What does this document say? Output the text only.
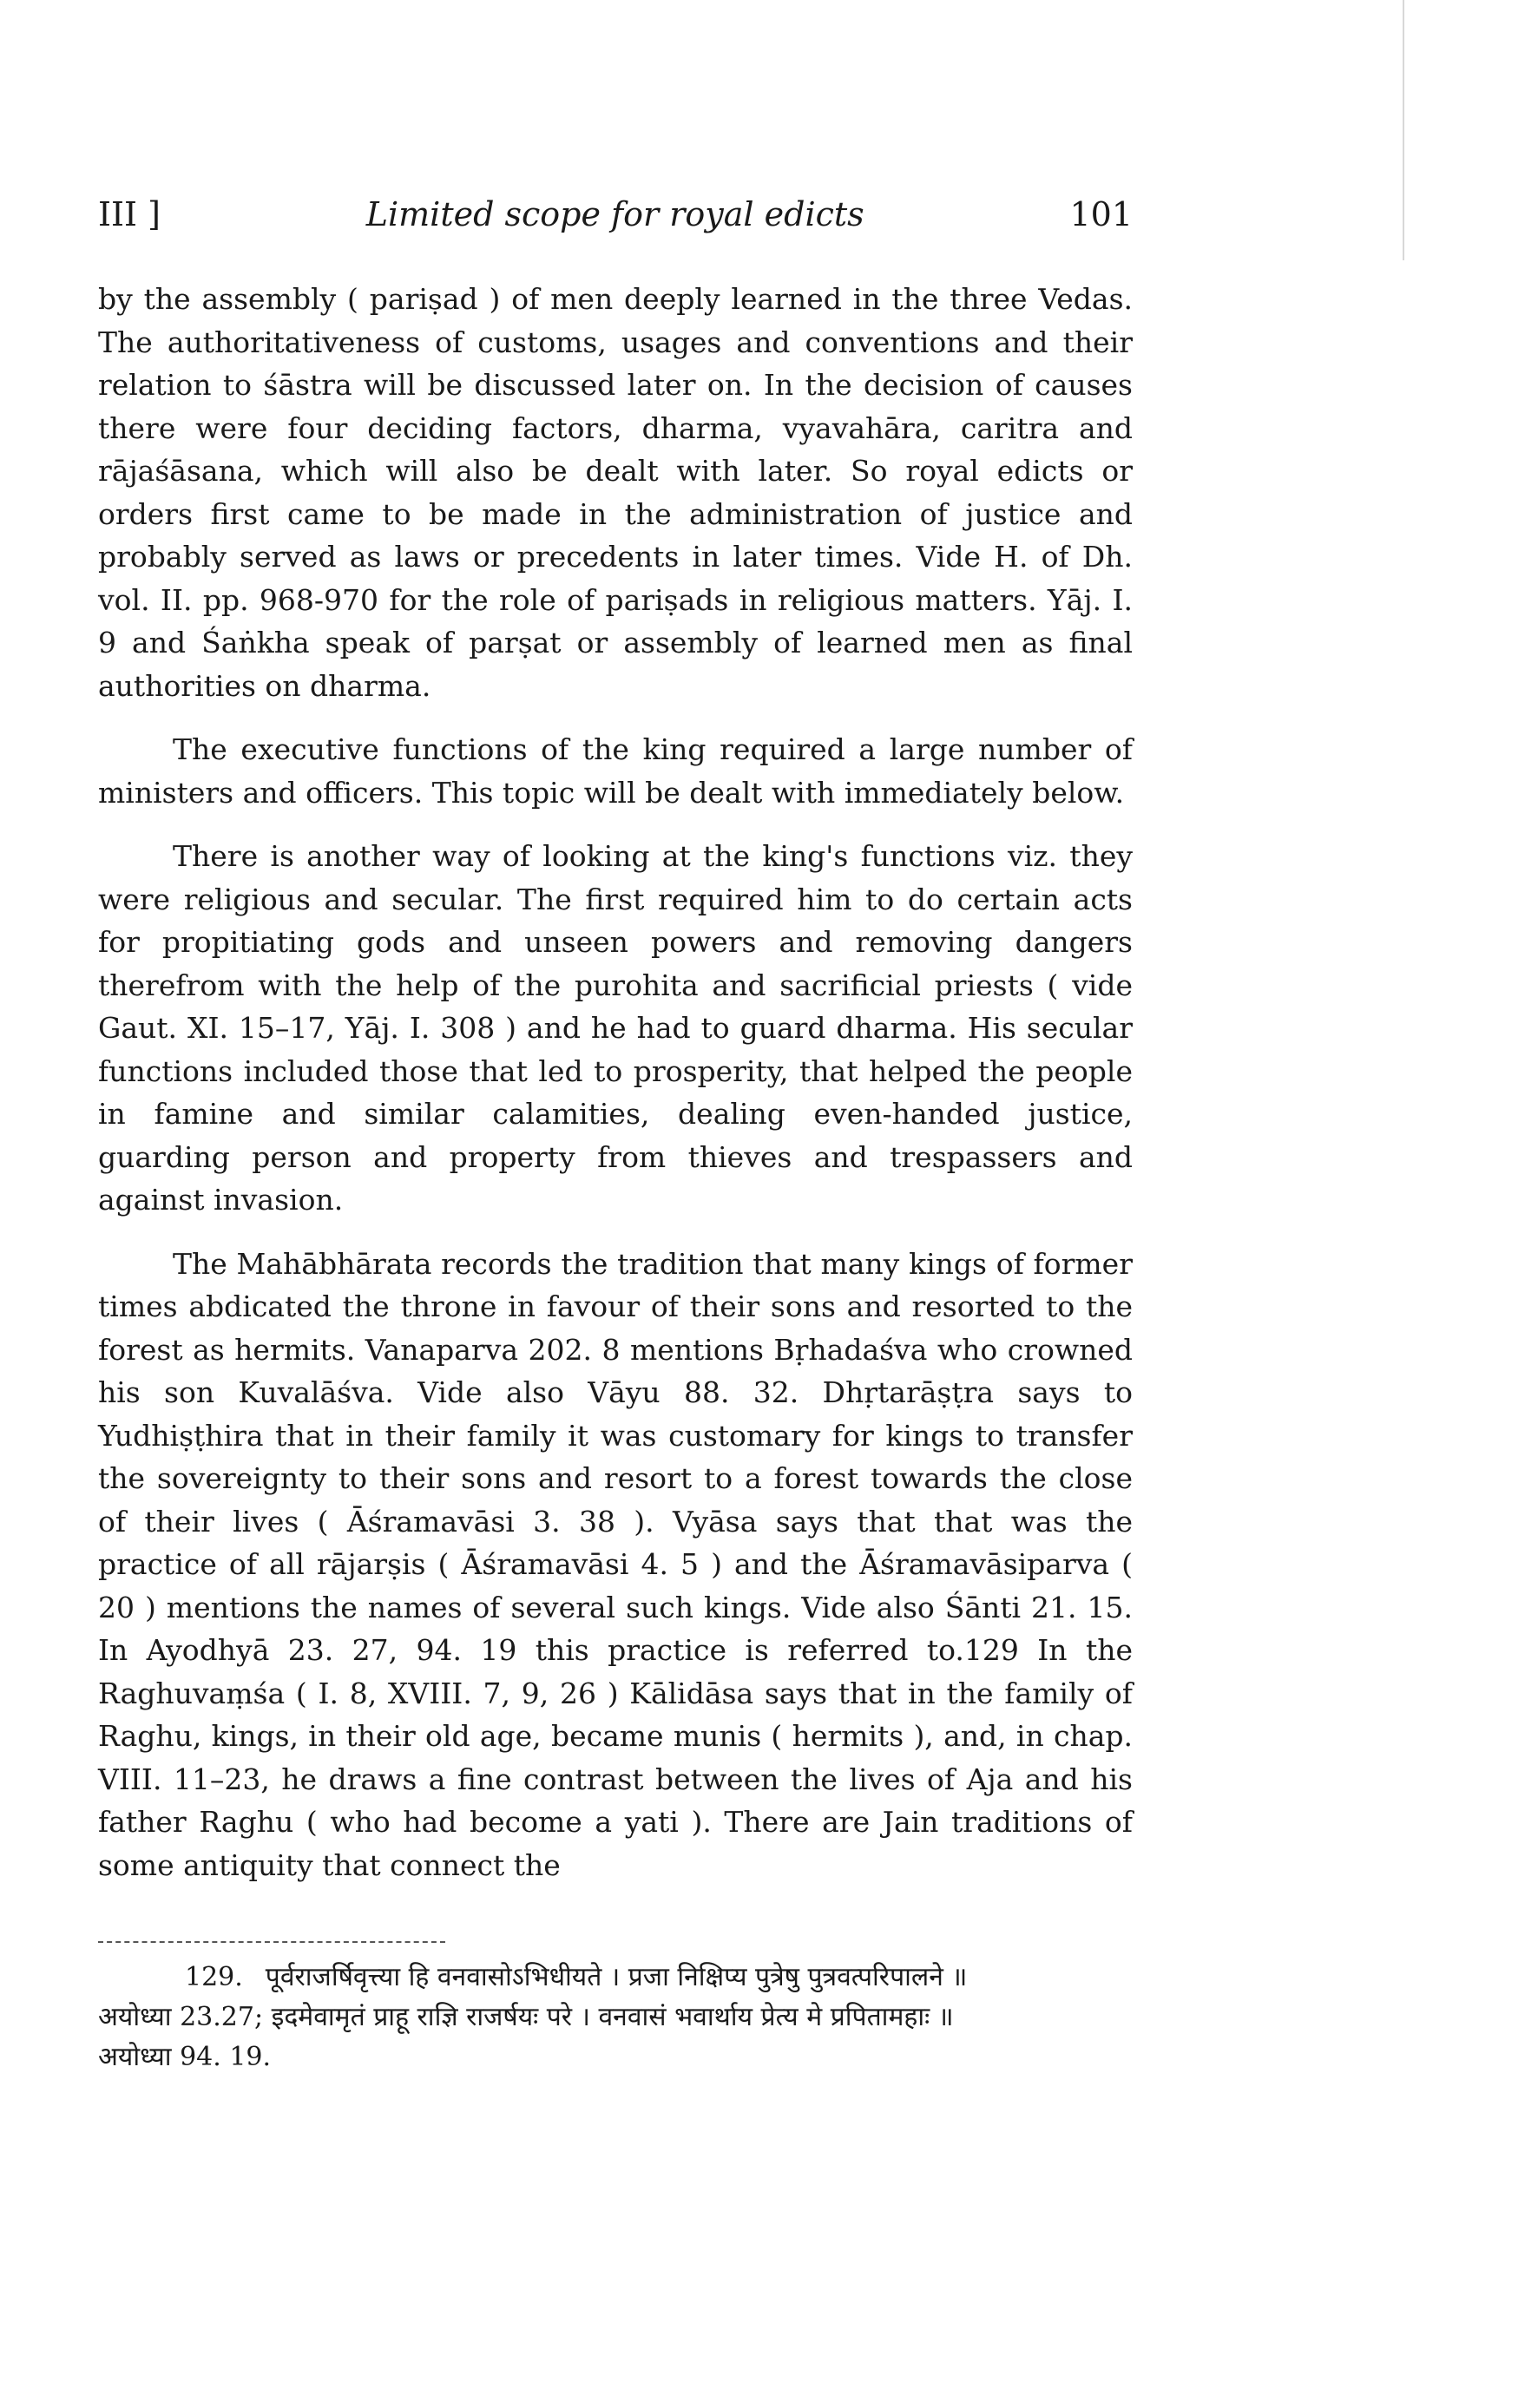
III ]	Limited scope for royal edicts	101

by the assembly ( pariṣad ) of men deeply learned in the three Vedas. The authoritativeness of customs, usages and conventions and their relation to śāstra will be discussed later on. In the decision of causes there were four deciding factors, dharma, vyavahāra, caritra and rājaśāsana, which will also be dealt with later. So royal edicts or orders first came to be made in the administration of justice and probably served as laws or precedents in later times. Vide H. of Dh. vol. II. pp. 968-970 for the role of pariṣads in religious matters. Yāj. I. 9 and Śaṅkha speak of parṣat or assembly of learned men as final authorities on dharma.

The executive functions of the king required a large number of ministers and officers. This topic will be dealt with immediately below.

There is another way of looking at the king's functions viz. they were religious and secular. The first required him to do certain acts for propitiating gods and unseen powers and removing dangers therefrom with the help of the purohita and sacrificial priests ( vide Gaut. XI. 15–17, Yāj. I. 308 ) and he had to guard dharma. His secular functions included those that led to prosperity, that helped the people in famine and similar calamities, dealing even-handed justice, guarding person and property from thieves and trespassers and against invasion.

The Mahābhārata records the tradition that many kings of former times abdicated the throne in favour of their sons and resorted to the forest as hermits. Vanaparva 202. 8 mentions Bṛhadaśva who crowned his son Kuvalāśva. Vide also Vāyu 88. 32. Dhṛtarāṣṭra says to Yudhiṣṭhira that in their family it was customary for kings to transfer the sovereignty to their sons and resort to a forest towards the close of their lives ( Āśramavāsi 3. 38 ). Vyāsa says that that was the practice of all rājarṣis ( Āśramavāsi 4. 5 ) and the Āśramavāsiparva ( 20 ) mentions the names of several such kings. Vide also Śānti 21. 15. In Ayodhyā 23. 27, 94. 19 this practice is referred to.129 In the Raghuvaṃśa ( I. 8, XVIII. 7, 9, 26 ) Kālidāsa says that in the family of Raghu, kings, in their old age, became munis ( hermits ), and, in chap. VIII. 11–23, he draws a fine contrast between the lives of Aja and his father Raghu ( who had become a yati ). There are Jain traditions of some antiquity that connect the

129. पूर्वराजर्षिवृत्त्या हि वनवासोऽभिधीयते । प्रजा निक्षिप्य पुत्रेषु पुत्रवत्परिपालने ॥
अयोध्या 23.27; इदमेवामृतं प्राहू राज्ञि राजर्षयः परे । वनवासं भवार्थाय प्रेत्य मे प्रपितामहाः ॥
अयोध्या 94. 19.
